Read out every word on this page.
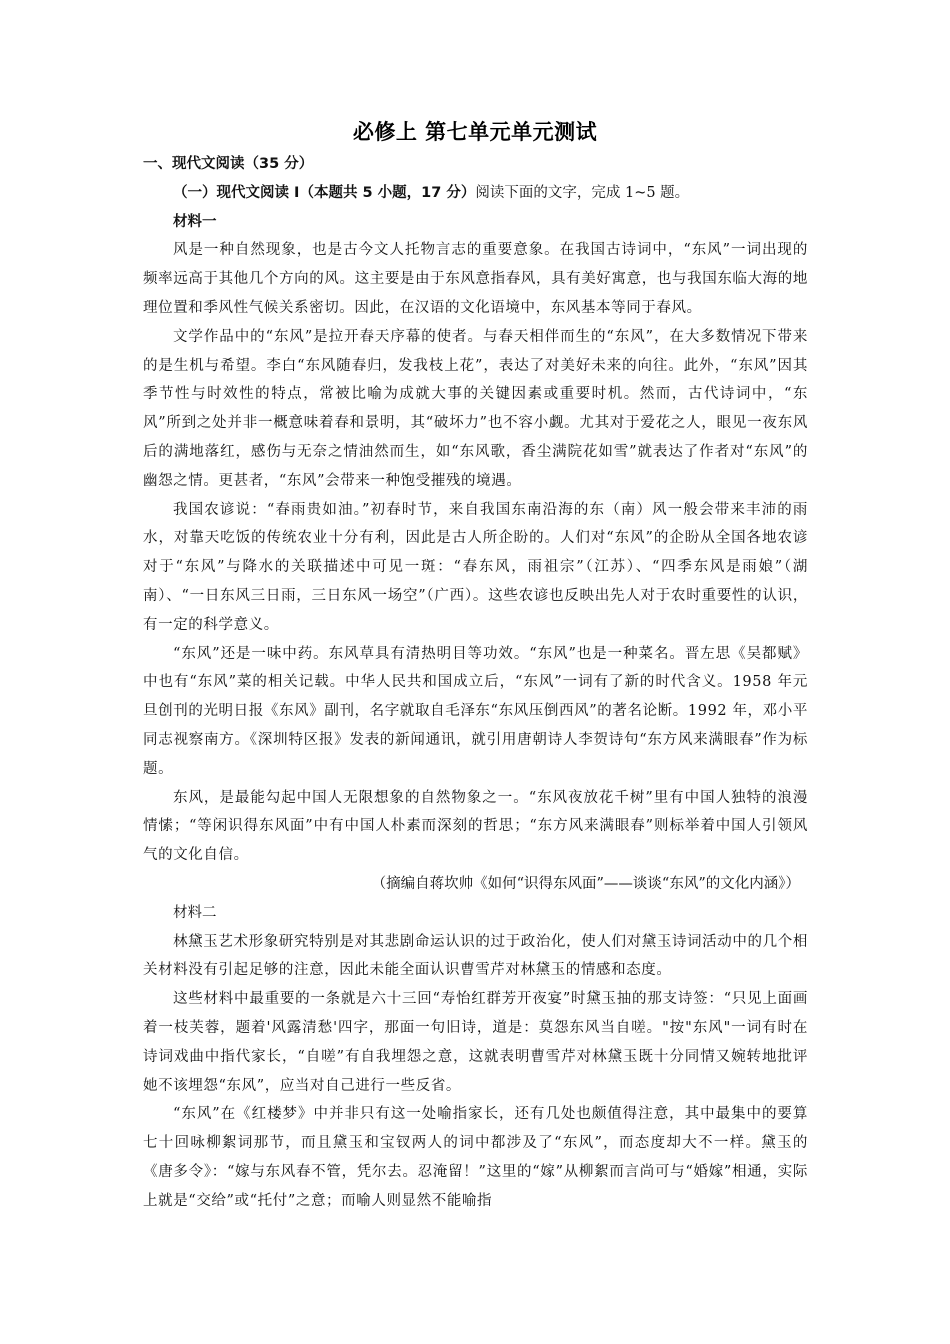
必修上 第七单元单元测试

一、现代文阅读（35 分）

（一）现代文阅读 I（本题共 5 小题，17 分）阅读下面的文字，完成 1~5 题。

材料一

风是一种自然现象，也是古今文人托物言志的重要意象。在我国古诗词中，“东风”一词出现的频率远高于其他几个方向的风。这主要是由于东风意指春风，具有美好寓意，也与我国东临大海的地理位置和季风性气候关系密切。因此，在汉语的文化语境中，东风基本等同于春风。

文学作品中的“东风”是拉开春天序幕的使者。与春天相伴而生的“东风”，在大多数情况下带来的是生机与希望。李白“东风随春归，发我枝上花”，表达了对美好未来的向往。此外，“东风”因其季节性与时效性的特点，常被比喻为成就大事的关键因素或重要时机。然而，古代诗词中，“东风”所到之处并非一概意味着春和景明，其“破坏力”也不容小觑。尤其对于爱花之人，眼见一夜东风后的满地落红，感伤与无奈之情油然而生，如“东风歌，香尘满院花如雪”就表达了作者对“东风”的幽怨之情。更甚者，“东风”会带来一种饱受摧残的境遇。

我国农谚说：“春雨贵如油。”初春时节，来自我国东南沿海的东（南）风一般会带来丰沛的雨水，对靠天吃饭的传统农业十分有利，因此是古人所企盼的。人们对“东风”的企盼从全国各地农谚对于“东风”与降水的关联描述中可见一斑：“春东风，雨祖宗”（江苏）、“四季东风是雨娘”（湖南）、“一日东风三日雨，三日东风一场空”（广西）。这些农谚也反映出先人对于农时重要性的认识，有一定的科学意义。

“东风”还是一味中药。东风草具有清热明目等功效。“东风”也是一种菜名。晋左思《吴都赋》中也有“东风”菜的相关记载。中华人民共和国成立后，“东风”一词有了新的时代含义。1958 年元旦创刊的光明日报《东风》副刊，名字就取自毛泽东“东风压倒西风”的著名论断。1992 年，邓小平同志视察南方。《深圳特区报》发表的新闻通讯，就引用唐朝诗人李贺诗句“东方风来满眼春”作为标题。

东风，是最能勾起中国人无限想象的自然物象之一。“东风夜放花千树”里有中国人独特的浪漫情愫；“等闲识得东风面”中有中国人朴素而深刻的哲思；“东方风来满眼春”则标举着中国人引领风气的文化自信。

（摘编自蒋坎帅《如何“识得东风面”——谈谈“东风”的文化内涵》）

材料二

林黛玉艺术形象研究特别是对其悲剧命运认识的过于政治化，使人们对黛玉诗词活动中的几个相关材料没有引起足够的注意，因此未能全面认识曹雪芹对林黛玉的情感和态度。

这些材料中最重要的一条就是六十三回“寿怡红群芳开夜宴”时黛玉抽的那支诗签：“只见上面画着一枝芙蓉，题着'风露清愁'四字，那面一句旧诗，道是：莫怨东风当自嗟。"按"东风"一词有时在诗词戏曲中指代家长，“自嗟”有自我埋怨之意，这就表明曹雪芹对林黛玉既十分同情又婉转地批评她不该埋怨“东风”，应当对自己进行一些反省。

“东风”在《红楼梦》中并非只有这一处喻指家长，还有几处也颇值得注意，其中最集中的要算七十回咏柳絮词那节，而且黛玉和宝钗两人的词中都涉及了“东风”，而态度却大不一样。黛玉的《唐多令》：“嫁与东风春不管，凭尔去。忍淹留！”这里的“嫁”从柳絮而言尚可与“婚嫁”相通，实际上就是“交给”或“托付”之意；而喻人则显然不能喻指
